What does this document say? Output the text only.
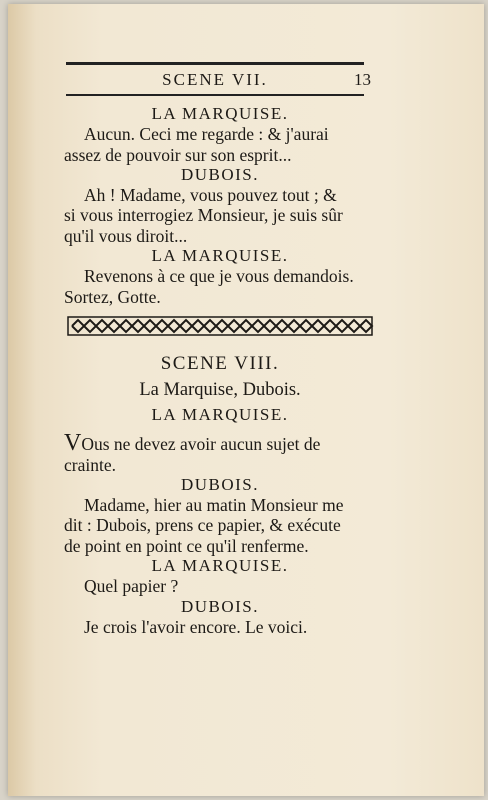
SCENE VII.	13
LA MARQUISE.
Aucun. Ceci me regarde : & j'aurai
assez de pouvoir sur son esprit...
DUBOIS.
Ah ! Madame, vous pouvez tout ; &
si vous interrogiez Monsieur, je suis sûr
qu'il vous diroit...
LA MARQUISE.
Revenons à ce que je vous demandois.
Sortez, Gotte.
SCENE VIII.
La Marquise, Dubois.
LA MARQUISE.
VOus ne devez avoir aucun sujet de
crainte.
DUBOIS.
Madame, hier au matin Monsieur me
dit : Dubois, prens ce papier, & exécute
de point en point ce qu'il renferme.
LA MARQUISE.
Quel papier ?
DUBOIS.
Je crois l'avoir encore. Le voici.
